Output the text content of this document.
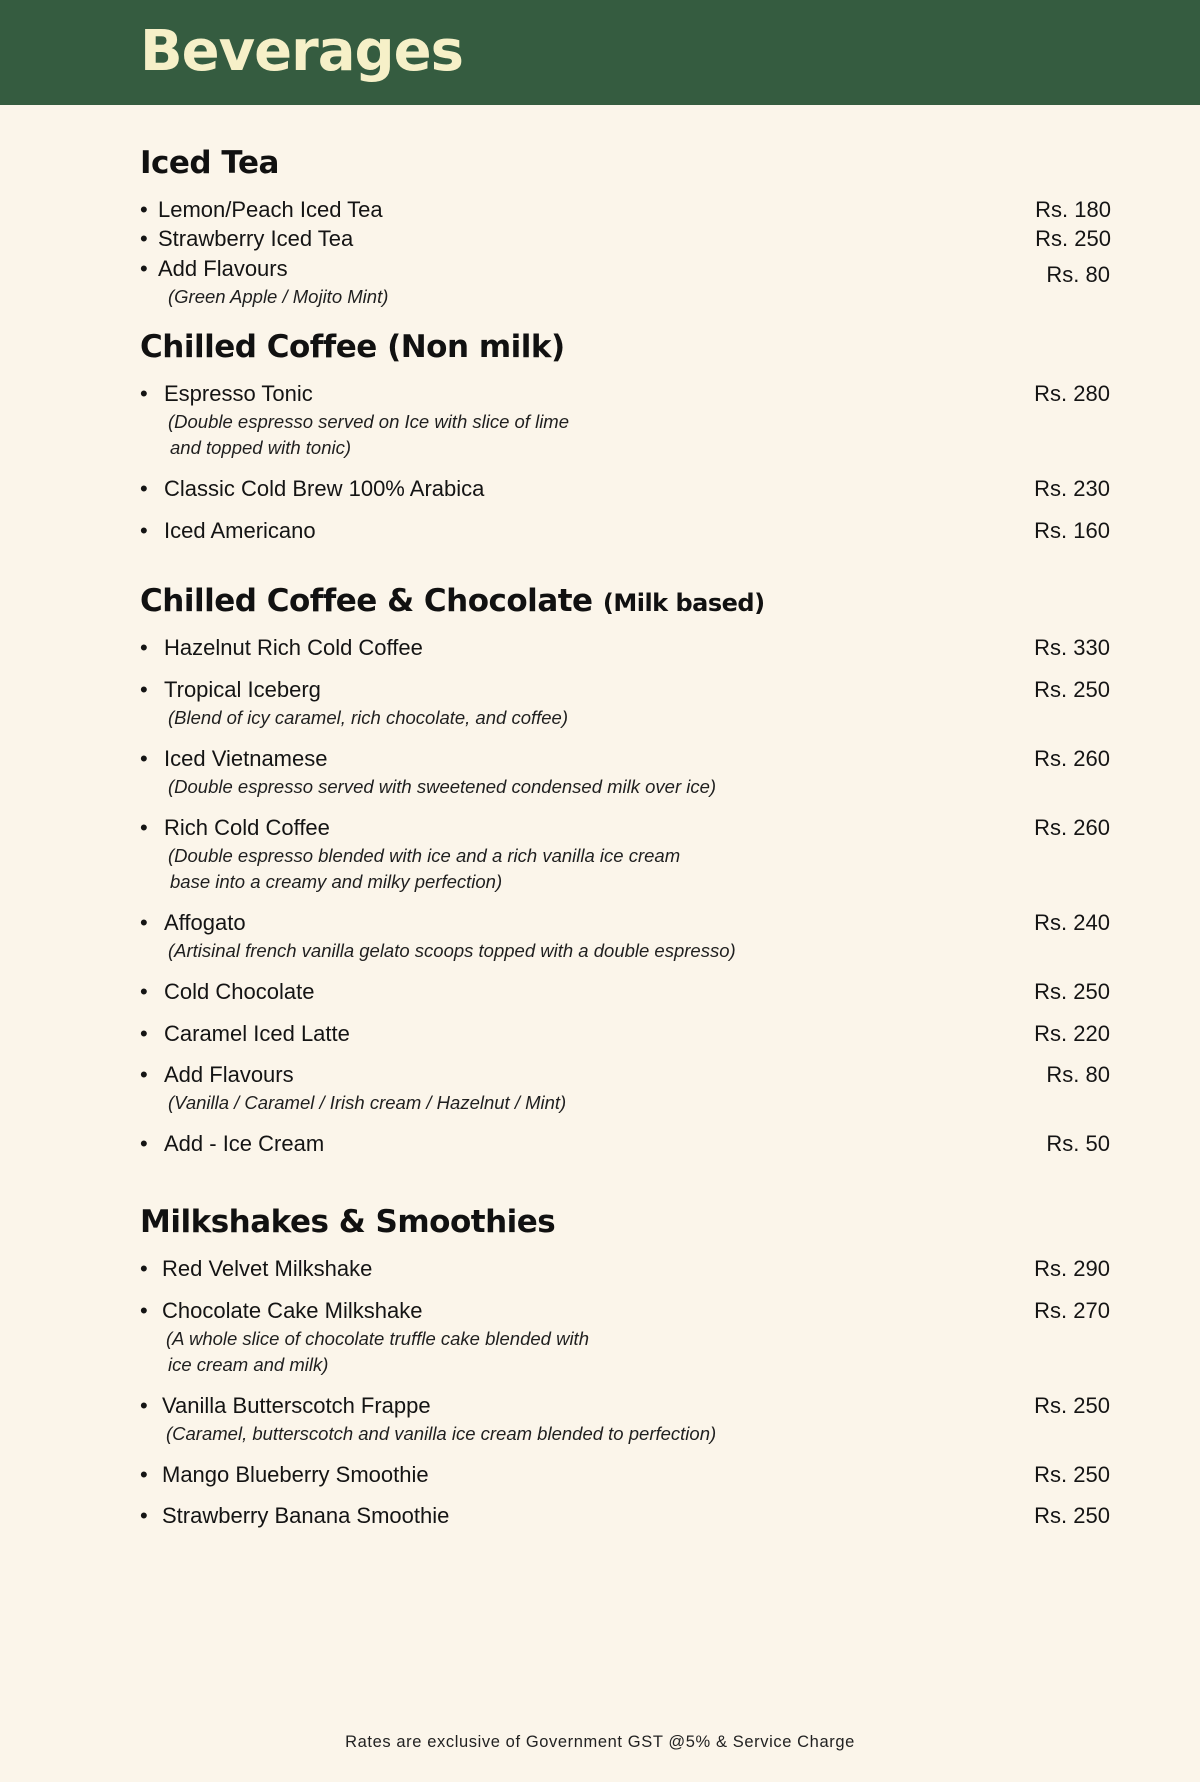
Beverages
Iced Tea
• Lemon/Peach Iced Tea	Rs. 180
• Strawberry Iced Tea	Rs. 250
• Add Flavours	Rs. 80
(Green Apple / Mojito Mint)
Chilled Coffee (Non milk)
• Espresso Tonic	Rs. 280
(Double espresso served on Ice with slice of lime
and topped with tonic)
• Classic Cold Brew 100% Arabica	Rs. 230
• Iced Americano	Rs. 160
Chilled Coffee & Chocolate (Milk based)
• Hazelnut Rich Cold Coffee	Rs. 330
• Tropical Iceberg	Rs. 250
(Blend of icy caramel, rich chocolate, and coffee)
• Iced Vietnamese	Rs. 260
(Double espresso served with sweetened condensed milk over ice)
• Rich Cold Coffee	Rs. 260
(Double espresso blended with ice and a rich vanilla ice cream
base into a creamy and milky perfection)
• Affogato	Rs. 240
(Artisinal french vanilla gelato scoops topped with a double espresso)
• Cold Chocolate	Rs. 250
• Caramel Iced Latte	Rs. 220
• Add Flavours	Rs. 80
(Vanilla / Caramel / Irish cream / Hazelnut / Mint)
• Add - Ice Cream	Rs. 50
Milkshakes & Smoothies
• Red Velvet Milkshake	Rs. 290
• Chocolate Cake Milkshake	Rs. 270
(A whole slice of chocolate truffle cake blended with
ice cream and milk)
• Vanilla Butterscotch Frappe	Rs. 250
(Caramel, butterscotch and vanilla ice cream blended to perfection)
• Mango Blueberry Smoothie	Rs. 250
• Strawberry Banana Smoothie	Rs. 250
Rates are exclusive of Government GST @5% & Service Charge
